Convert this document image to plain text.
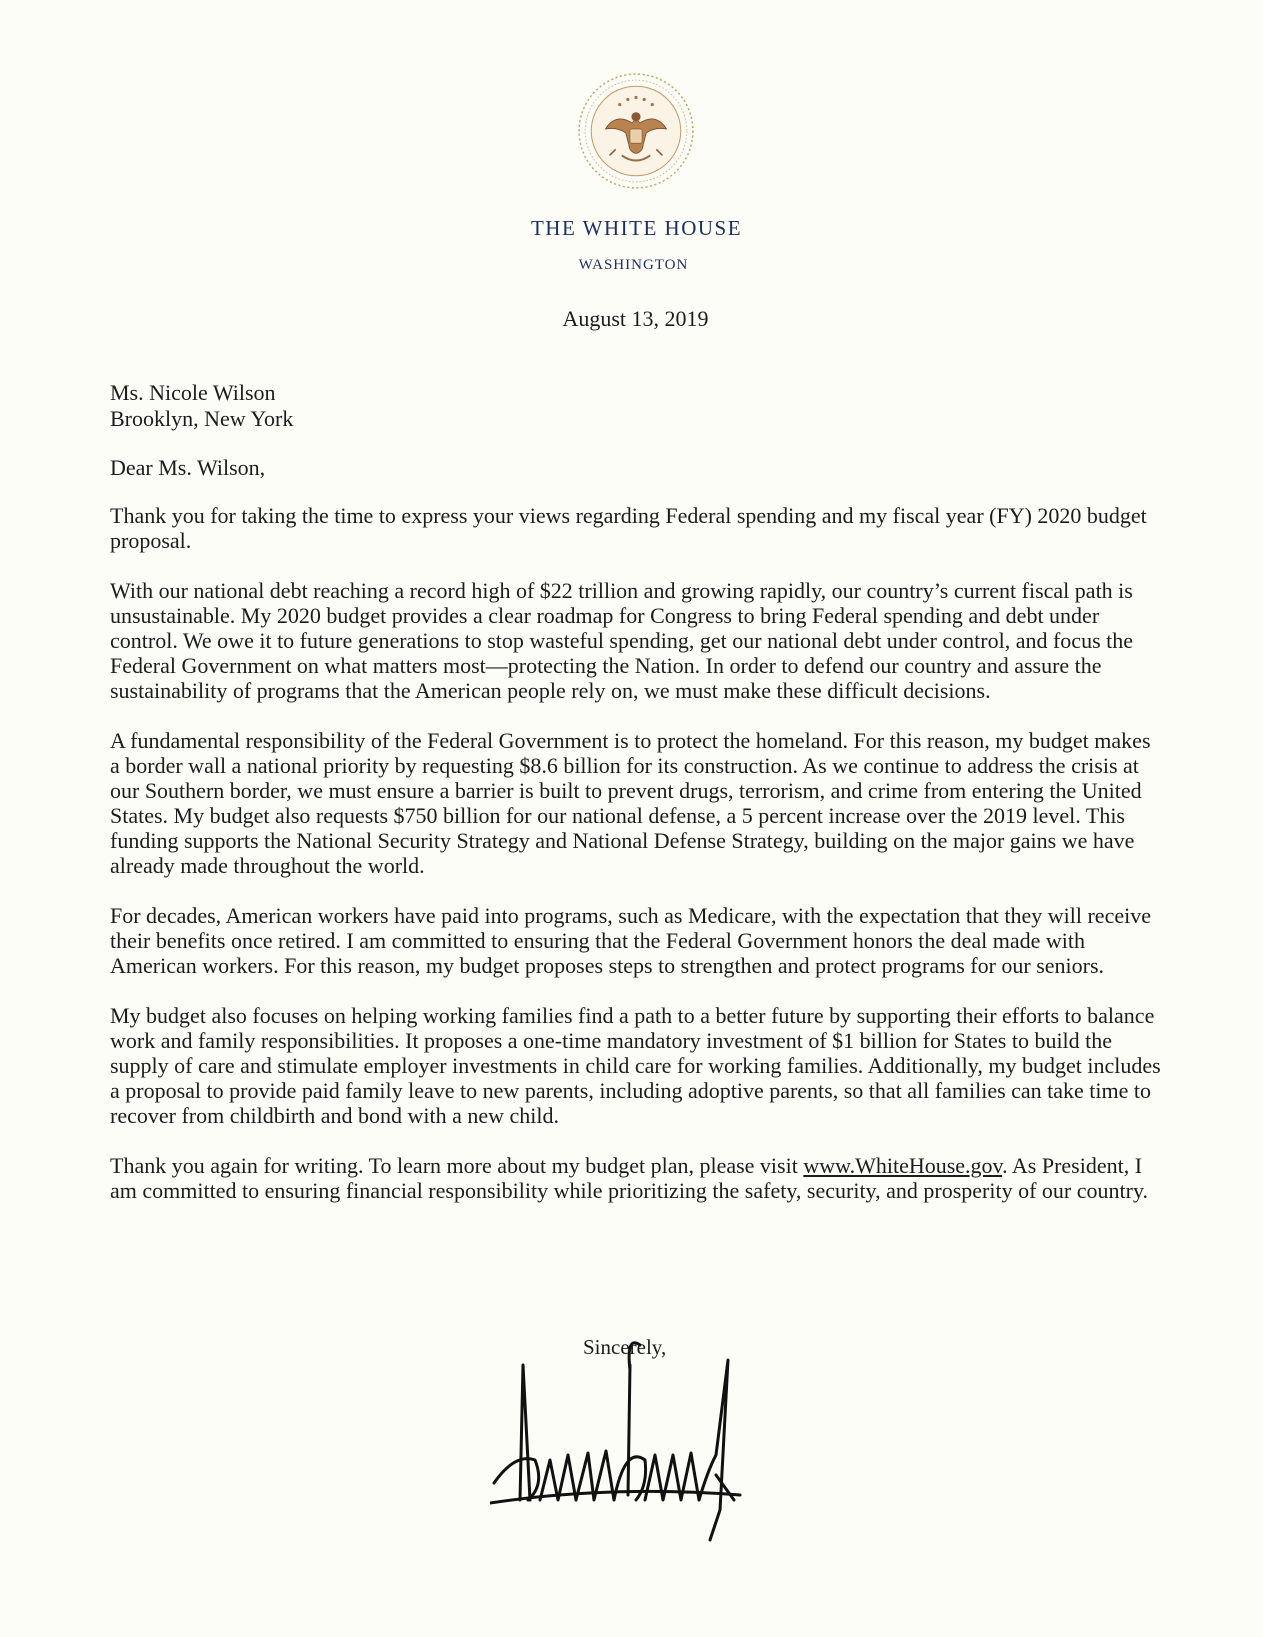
THE WHITE HOUSE
WASHINGTON
August 13, 2019
Ms. Nicole Wilson
Brooklyn, New York
Dear Ms. Wilson,

Thank you for taking the time to express your views regarding Federal spending and my fiscal year (FY) 2020 budget proposal.

With our national debt reaching a record high of $22 trillion and growing rapidly, our country’s current fiscal path is unsustainable. My 2020 budget provides a clear roadmap for Congress to bring Federal spending and debt under control. We owe it to future generations to stop wasteful spending, get our national debt under control, and focus the Federal Government on what matters most—protecting the Nation. In order to defend our country and assure the sustainability of programs that the American people rely on, we must make these difficult decisions.

A fundamental responsibility of the Federal Government is to protect the homeland. For this reason, my budget makes a border wall a national priority by requesting $8.6 billion for its construction. As we continue to address the crisis at our Southern border, we must ensure a barrier is built to prevent drugs, terrorism, and crime from entering the United States. My budget also requests $750 billion for our national defense, a 5 percent increase over the 2019 level. This funding supports the National Security Strategy and National Defense Strategy, building on the major gains we have already made throughout the world.

For decades, American workers have paid into programs, such as Medicare, with the expectation that they will receive their benefits once retired. I am committed to ensuring that the Federal Government honors the deal made with American workers. For this reason, my budget proposes steps to strengthen and protect programs for our seniors.

My budget also focuses on helping working families find a path to a better future by supporting their efforts to balance work and family responsibilities. It proposes a one-time mandatory investment of $1 billion for States to build the supply of care and stimulate employer investments in child care for working families. Additionally, my budget includes a proposal to provide paid family leave to new parents, including adoptive parents, so that all families can take time to recover from childbirth and bond with a new child.

Thank you again for writing. To learn more about my budget plan, please visit www.WhiteHouse.gov. As President, I am committed to ensuring financial responsibility while prioritizing the safety, security, and prosperity of our country.

Sincerely,
